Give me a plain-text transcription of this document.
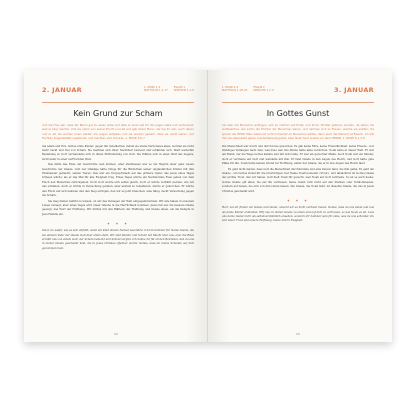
2. JANUAR	1. MOSE 1–3
MATTHÄUS 1,1–17
PSALM 1
SPRÜCHE 1,1–6
Kein Grund zur Scham

Und die Frau sah, dass der Baum gut zu essen wäre und dass er eine Lust für die Augen wäre und verlockend, weil er klug machte. Und sie nahm von seiner Frucht und aß und gab ihrem Mann, der bei ihr war, auch davon und er aß. Da wurden ihnen beiden die Augen aufgetan und sie wurden gewahr, dass sie nackt waren, und flochten Feigenblätter zusammen und machten sich Schurze. 1. MOSE 3,6–7

Als Adam und Eva, Gottes erste Kinder, gegen ihn rebellierten, indem sie etwas Verbotenes aßen, wurden sie nicht mehr nackt und frei von Scham. Sie merkten sich ihrer Nacktheit bewusst und schämten sich. Statt weiterhin Beziehung zu Gott verwandelte sich in ihnen Entfremdung von Gott. Sie fühlten sich in einer Welt des Segens, nicht mehr in einer verFluchten Welt.

Das hätte das Ende der Geschichte sein können. Aber stattdessen war es der Beginn einer ganz neuen Geschichte der Gnade. Gott der Gnädige hatte Dinge für die Bibliothek seiner unglaublichen Kinder mit ihm füreinander gemacht, seinen Tieren. Das war ein Vorgeschmack auf das größere Opfer, das Jesus eines Tages bringen würde: als er das Mal für alle Ewigkeit trug. Eines Tages würde ein Nachkomme Evas gehen von dem Fluch den Menschen zurückgeben. Doch Gott wurde sich selbst gleich, doch er würde verhüllt werden, wie wir uns schämen. Auch er würde in Versuchung geraten, aber anstatt zu rebellieren, würde er gehorchen. Er würde den Fluch auf sich nehmen und den Sieg erringen, den wir es jetzt brauchen: eine Säug. deckt Versuchung gegen die Scham.

Sie mag bisher Gefühl zu wissen, ob wir das Versagen der Welt entgegenbrachten. Wir alle haben in unserem Leben versagt, aber eines Tages wird unser Glaube in die Herrlichkeit kommen. Jesus hat uns die bessere Gnade gezeigt, das Wort der Hoffnung. Wir dürfen mit den Blättern der Hoffnung und Gnade leben, als die Kampfe in Jesu Familie ein.

✦ ✦ ✦

Vater, du weißt, wie es sich anfühlt, wenn ein Kind deinen Namen beschämt. Ich bin dankbar für meine Gnade, die bei deinem Vater der Gnade Gott über allem steht. Wir sind Sünder und Scham hat Macht über uns, aber die Bibel erzählt uns von einem Gott, der Scham bedeckt und Schuld vergibt. Ich danke dir für all den Reichtum, den du uns in deiner Gnade geschenkt hast, die in Jesus Christus offenbar wurde. Danke, dass du meine Schande auf dich genommen hast.

12
1. MOSE 4–5
MATTHÄUS 1,18–25
PSALM 2
SPRÜCHE 1,7–9	3. JANUAR
In Gottes Gunst

Als aber die Menschen anfingen, sich zu mehren auf Erden und ihnen Töchter geboren wurden, da sahen die Gottessöhne, wie schön die Töchter der Menschen waren, und nahmen sich zu Frauen, welche sie wollten. Da sprach der HERR: Mein Geist soll nicht immerdar im Menschen walten, denn auch der Mensch ist Fleisch. Ich will ihm als Lebenszeit geben hundertzwanzig Jahre. Aber Noah fand Gnade vor dem HERRN. 1. MOSE 6,1–3.8

Die Menschheit war durch und durch böse geworden. Es gab keine Ehre, keine Freundlichkeit, keine Freude – nur ständiges Verlangen nach dem, was böse war. Die Sünde hatte alles verdorben. Noah lebte in dieser Welt. Er war ein Mann, der die Wege Gottes kannte und mit Gott lebte. Er war ein gerechter Mann. Auch Noah war ein Sünder, doch er vertraute auf Gott und wandelte mit ihm. Er fand Gnade in den Augen des Herrn, und Gott hatte gute Pläne für ihn. Noah hatte keinen Grund zur Hoffnung, außer der Gnade, die er in den Augen des Herrn fand.

Es geht nicht darum, dass Gott die Menschheit durchforstete und eine Person fand, die ihm gefiel. Es geht um Gnade – um Gottes Gunst für die Unwürdigen. Der Name Noah bedeutet »Trost«, und tatsächlich ist Gottes Gnade der größte Trost, den wir haben. Gott hielt Noah für gerecht, weil Noah auf Gott vertraute. So ist es auch heute: Gottes Gnade gilt allen, die auf ihn vertrauen. Seine Gunst ruht nicht auf den Starken oder Vollkommenen, sondern auf denen, die sich von ihm retten lassen. Die Gnade, die Noah fand, ist dieselbe Gnade, die uns in Jesus Christus geschenkt wird.

✦ ✦ ✦

Herr, bei dir finden wir Gnade und Gunst, obwohl wir es nicht verdient haben. Danke, dass du uns liebst und uns als deine Kinder annimmst. Hilf uns, in deiner Gnade zu leben und auf dich zu vertrauen, so wie Noah es tat. Lass uns deine Gunst nicht als selbstverständlich ansehen, sondern dir dankbar sein für alles, was du uns schenkst. Du bist unser Trost und unsere Hoffnung, heute und in Ewigkeit.

13
